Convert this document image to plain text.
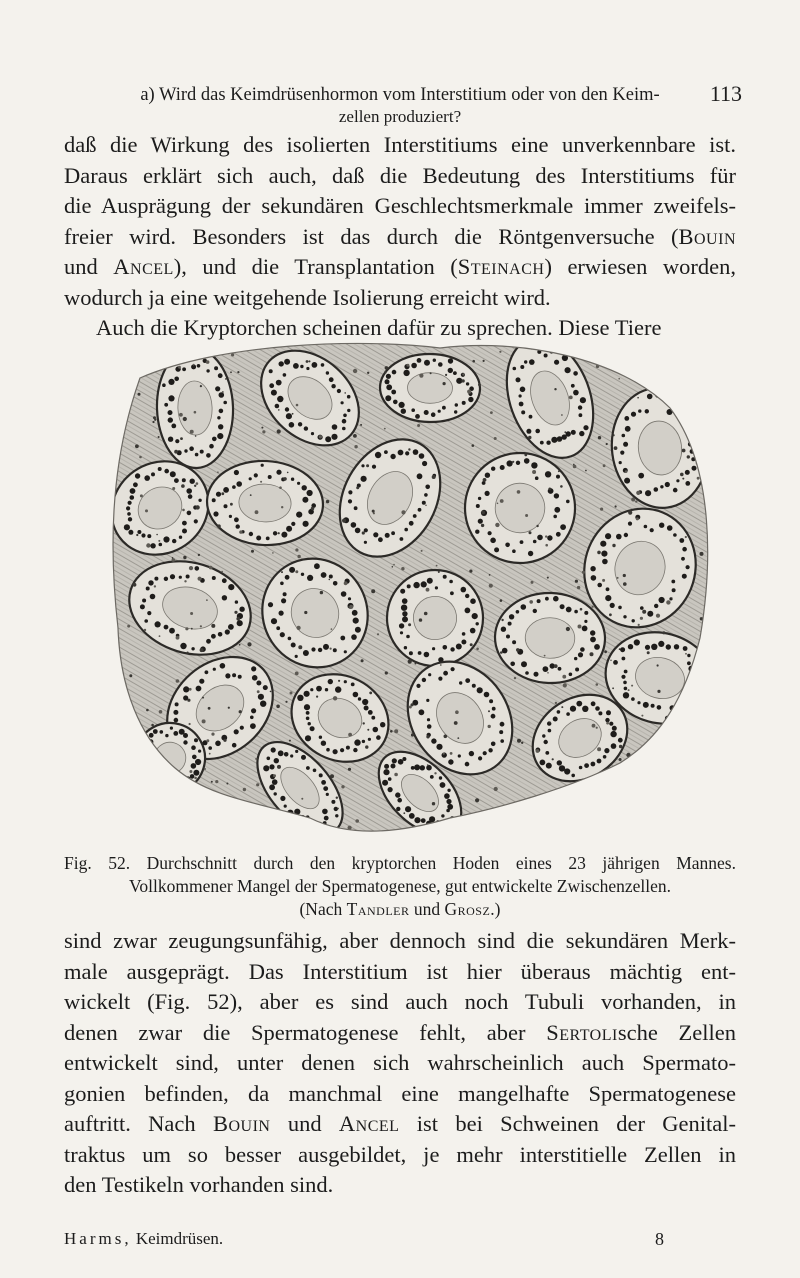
a) Wird das Keimdrüsenhormon vom Interstitium oder von den Keim- 113
zellen produziert?

daß die Wirkung des isolierten Interstitiums eine unverkennbare ist.
Daraus erklärt sich auch, daß die Bedeutung des Interstitiums für
die Ausprägung der sekundären Geschlechtsmerkmale immer zweifels-
freier wird. Besonders ist das durch die Röntgenversuche (Bouin
und Ancel), und die Transplantation (Steinach) erwiesen worden,
wodurch ja eine weitgehende Isolierung erreicht wird.

Auch die Kryptorchen scheinen dafür zu sprechen. Diese Tiere

Fig. 52. Durchschnitt durch den kryptorchen Hoden eines 23 jährigen Mannes.
Vollkommener Mangel der Spermatogenese, gut entwickelte Zwischenzellen.
(Nach Tandler und Grosz.)

sind zwar zeugungsunfähig, aber dennoch sind die sekundären Merk-
male ausgeprägt. Das Interstitium ist hier überaus mächtig ent-
wickelt (Fig. 52), aber es sind auch noch Tubuli vorhanden, in
denen zwar die Spermatogenese fehlt, aber Sertolische Zellen
entwickelt sind, unter denen sich wahrscheinlich auch Spermato-
gonien befinden, da manchmal eine mangelhafte Spermatogenese
auftritt. Nach Bouin und Ancel ist bei Schweinen der Genital-
traktus um so besser ausgebildet, je mehr interstitielle Zellen in
den Testikeln vorhanden sind.

Harms, Keimdrüsen.	8
